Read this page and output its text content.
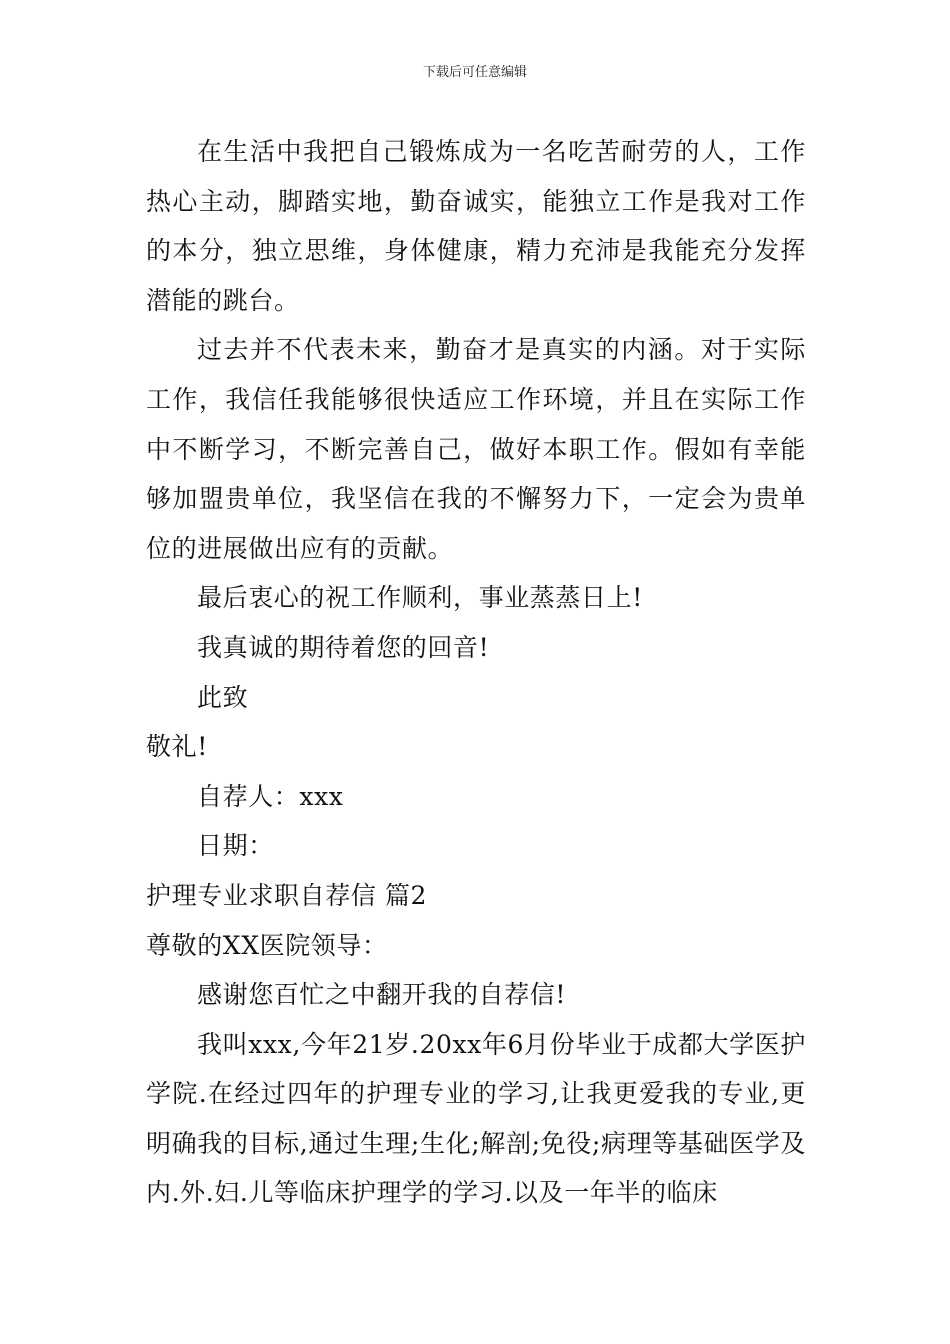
下载后可任意编辑

在生活中我把自己锻炼成为一名吃苦耐劳的人，工作热心主动，脚踏实地，勤奋诚实，能独立工作是我对工作的本分，独立思维，身体健康，精力充沛是我能充分发挥潜能的跳台。

过去并不代表未来，勤奋才是真实的内涵。对于实际工作，我信任我能够很快适应工作环境，并且在实际工作中不断学习，不断完善自己，做好本职工作。假如有幸能够加盟贵单位，我坚信在我的不懈努力下，一定会为贵单位的进展做出应有的贡献。

最后衷心的祝工作顺利，事业蒸蒸日上!

我真诚的期待着您的回音!

此致

敬礼!

自荐人：xxx

日期：

护理专业求职自荐信 篇2

尊敬的XX医院领导：

感谢您百忙之中翻开我的自荐信!

我叫xxx,今年21岁.20xx年6月份毕业于成都大学医护学院.在经过四年的护理专业的学习,让我更爱我的专业,更明确我的目标,通过生理;生化;解剖;免役;病理等基础医学及内.外.妇.儿等临床护理学的学习.以及一年半的临床
